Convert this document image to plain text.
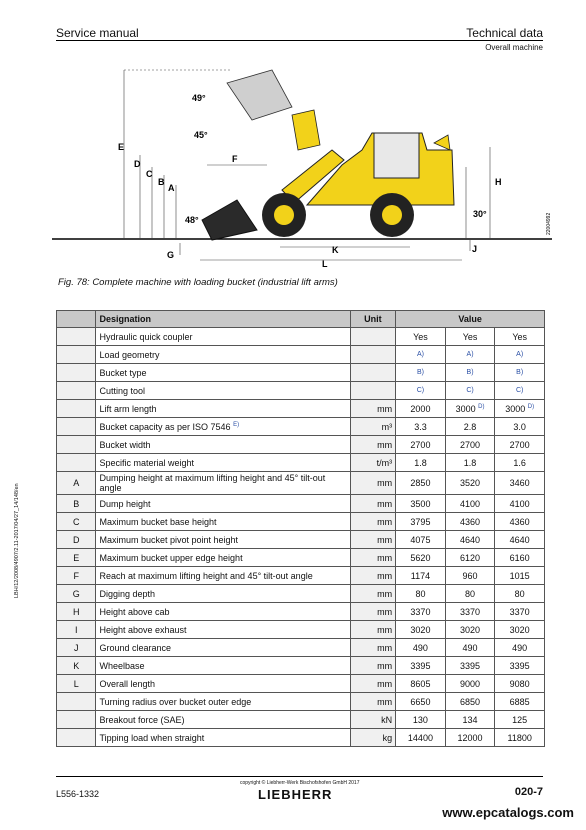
Service manual	Technical data
Overall machine
E
D
C
B
A
F
G
H
J
K
L
49°
45°
48°
30°	22004992
Fig. 78: Complete machine with loading bucket (industrial lift arms)
LBH/12/2008/4907/2.11-2017/04/27_14/148/en
	Designation	Unit	Value		
	Hydraulic quick coupler		Yes	Yes	Yes
	Load geometry		A)	A)	A)
	Bucket type		B)	B)	B)
	Cutting tool		C)	C)	C)
	Lift arm length	mm	2000	3000 $^{D)}$	3000 $^{D)}$
	Bucket capacity as per ISO 7546 $^{E)}$	m³	3.3	2.8	3.0
	Bucket width	mm	2700	2700	2700
	Specific material weight	t/m³	1.8	1.8	1.6
A	Dumping height at maximum lifting height and 45° tilt-out angle	mm	2850	3520	3460
B	Dump height	mm	3500	4100	4100
C	Maximum bucket base height	mm	3795	4360	4360
D	Maximum bucket pivot point height	mm	4075	4640	4640
E	Maximum bucket upper edge height	mm	5620	6120	6160
F	Reach at maximum lifting height and 45° tilt-out angle	mm	1174	960	1015
G	Digging depth	mm	80	80	80
H	Height above cab	mm	3370	3370	3370
I	Height above exhaust	mm	3020	3020	3020
J	Ground clearance	mm	490	490	490
K	Wheelbase	mm	3395	3395	3395
L	Overall length	mm	8605	9000	9080
	Turning radius over bucket outer edge	mm	6650	6850	6885
	Breakout force (SAE)	kN	130	134	125
	Tipping load when straight	kg	14400	12000	11800
L556-1332
copyright © Liebherr-Werk Bischofshofen GmbH 2017
LIEBHERR	020-7
www.epcatalogs.com
